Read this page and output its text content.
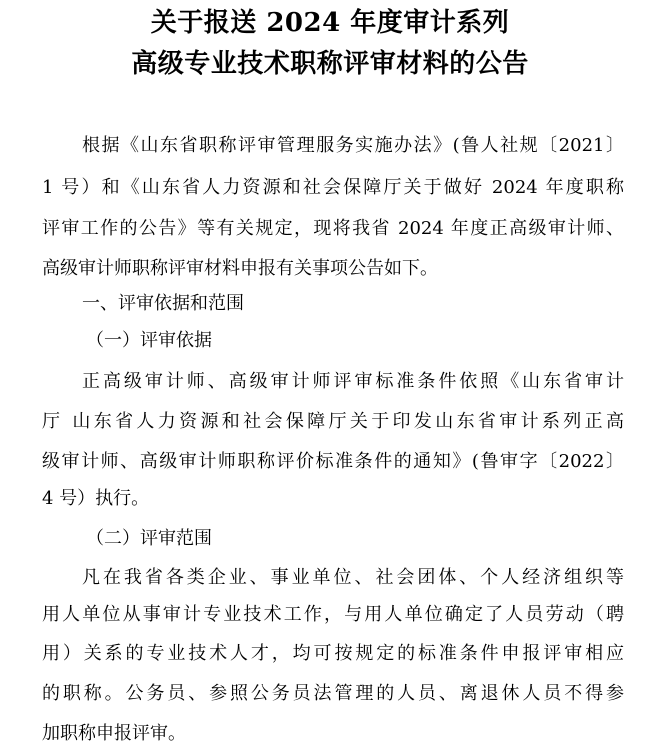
关于报送 2024 年度审计系列
高级专业技术职称评审材料的公告
根据《山东省职称评审管理服务实施办法》(鲁人社规〔2021〕
1 号）和《山东省人力资源和社会保障厅关于做好 2024 年度职称
评审工作的公告》等有关规定，现将我省 2024 年度正高级审计师、
高级审计师职称评审材料申报有关事项公告如下。
一、评审依据和范围
（一）评审依据
正高级审计师、高级审计师评审标准条件依照《山东省审计
厅 山东省人力资源和社会保障厅关于印发山东省审计系列正高
级审计师、高级审计师职称评价标准条件的通知》(鲁审字〔2022〕
4 号）执行。
（二）评审范围
凡在我省各类企业、事业单位、社会团体、个人经济组织等
用人单位从事审计专业技术工作，与用人单位确定了人员劳动（聘
用）关系的专业技术人才，均可按规定的标准条件申报评审相应
的职称。公务员、参照公务员法管理的人员、离退休人员不得参
加职称申报评审。
